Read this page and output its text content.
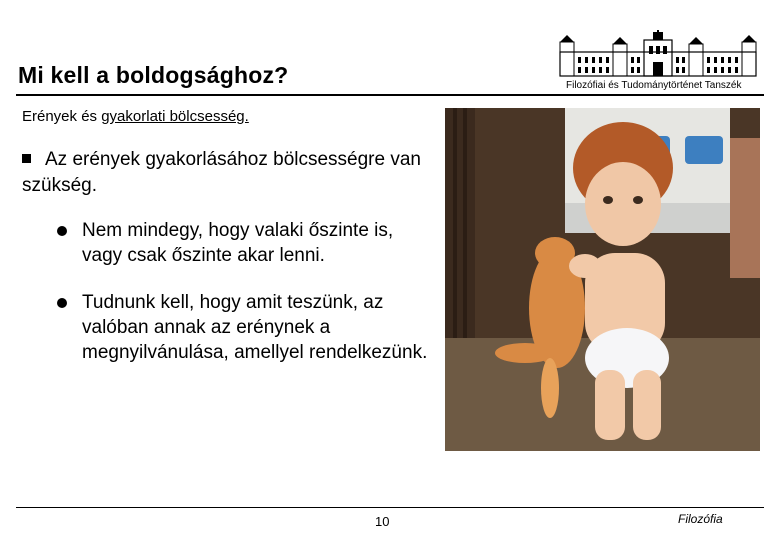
Mi kell a boldogsághoz?	Filozófiai és Tudománytörténet Tanszék
Erények és gyakorlati bölcsesség.
Az erények gyakorlásához bölcsességre van szükség.
Nem mindegy, hogy valaki őszinte is, vagy csak őszinte akar lenni.
Tudnunk kell, hogy amit teszünk, az valóban annak az erénynek a megnyilvánulása, amellyel rendelkezünk.
10	Filozófia
